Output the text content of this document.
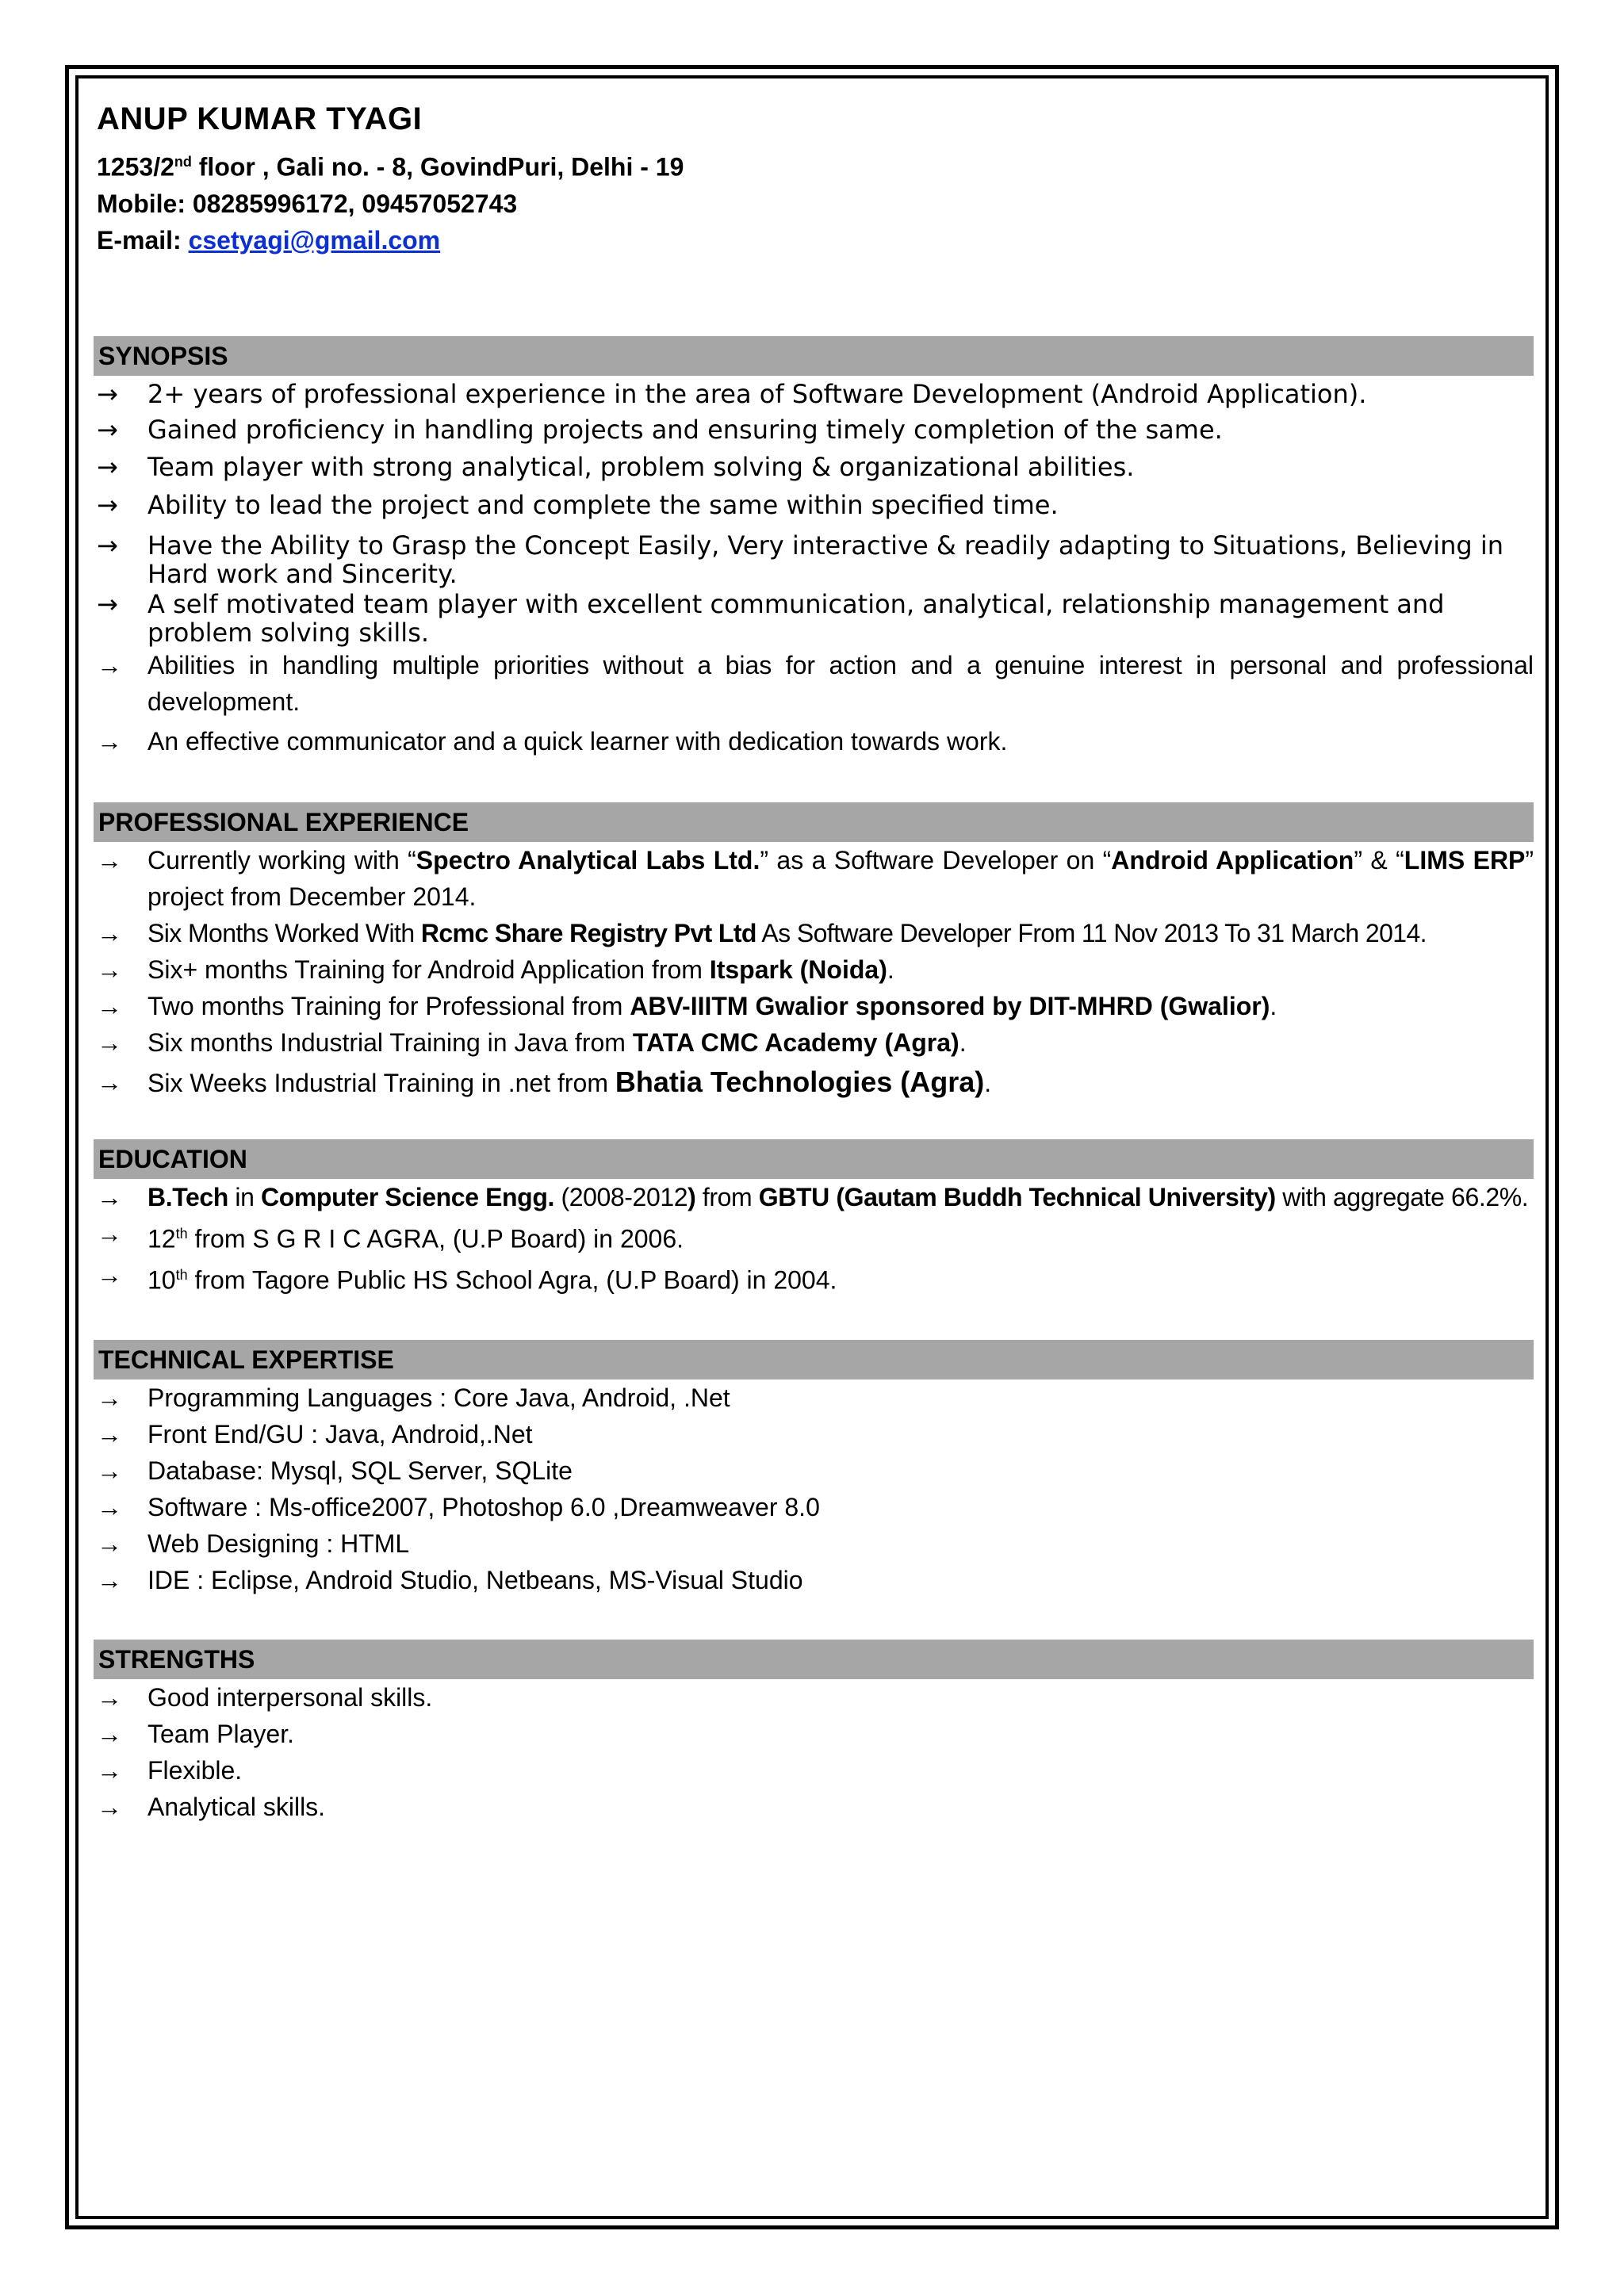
ANUP KUMAR TYAGI
1253/2nd floor , Gali no. - 8, GovindPuri, Delhi - 19
Mobile: 08285996172, 09457052743
E-mail: csetyagi@gmail.com
SYNOPSIS
→	2+ years of professional experience in the area of Software Development (Android Application).
→	Gained proficiency in handling projects and ensuring timely completion of the same.
→	Team player with strong analytical, problem solving & organizational abilities.
→	Ability to lead the project and complete the same within specified time.
→	Have the Ability to Grasp the Concept Easily, Very interactive & readily adapting to Situations, Believing in Hard work and Sincerity.
→	A self motivated team player with excellent communication, analytical, relationship management and problem solving skills.
→	Abilities in handling multiple priorities without a bias for action and a genuine interest in personal and professional development.
→	An effective communicator and a quick learner with dedication towards work.
PROFESSIONAL EXPERIENCE
→	Currently working with “Spectro Analytical Labs Ltd.” as a Software Developer on “Android Application” & “LIMS ERP” project from December 2014.
→	Six Months Worked With Rcmc Share Registry Pvt Ltd As Software Developer From 11 Nov 2013 To 31 March 2014.
→	Six+ months Training for Android Application from Itspark (Noida).
→	Two months Training for Professional from ABV-IIITM Gwalior sponsored by DIT-MHRD (Gwalior).
→	Six months Industrial Training in Java from TATA CMC Academy (Agra).
→	Six Weeks Industrial Training in .net from Bhatia Technologies (Agra).
EDUCATION
→	B.Tech in Computer Science Engg. (2008-2012) from GBTU (Gautam Buddh Technical University) with aggregate 66.2%.
→	12th from S G R I C AGRA, (U.P Board) in 2006.
→	10th from Tagore Public HS School Agra, (U.P Board) in 2004.
TECHNICAL EXPERTISE
→	Programming Languages : Core Java, Android, .Net
→	Front End/GU : Java, Android,.Net
→	Database: Mysql, SQL Server, SQLite
→	Software : Ms-office2007, Photoshop 6.0 ,Dreamweaver 8.0
→	Web Designing : HTML
→	IDE : Eclipse, Android Studio, Netbeans, MS-Visual Studio
STRENGTHS
→	Good interpersonal skills.
→	Team Player.
→	Flexible.
→	Analytical skills.
